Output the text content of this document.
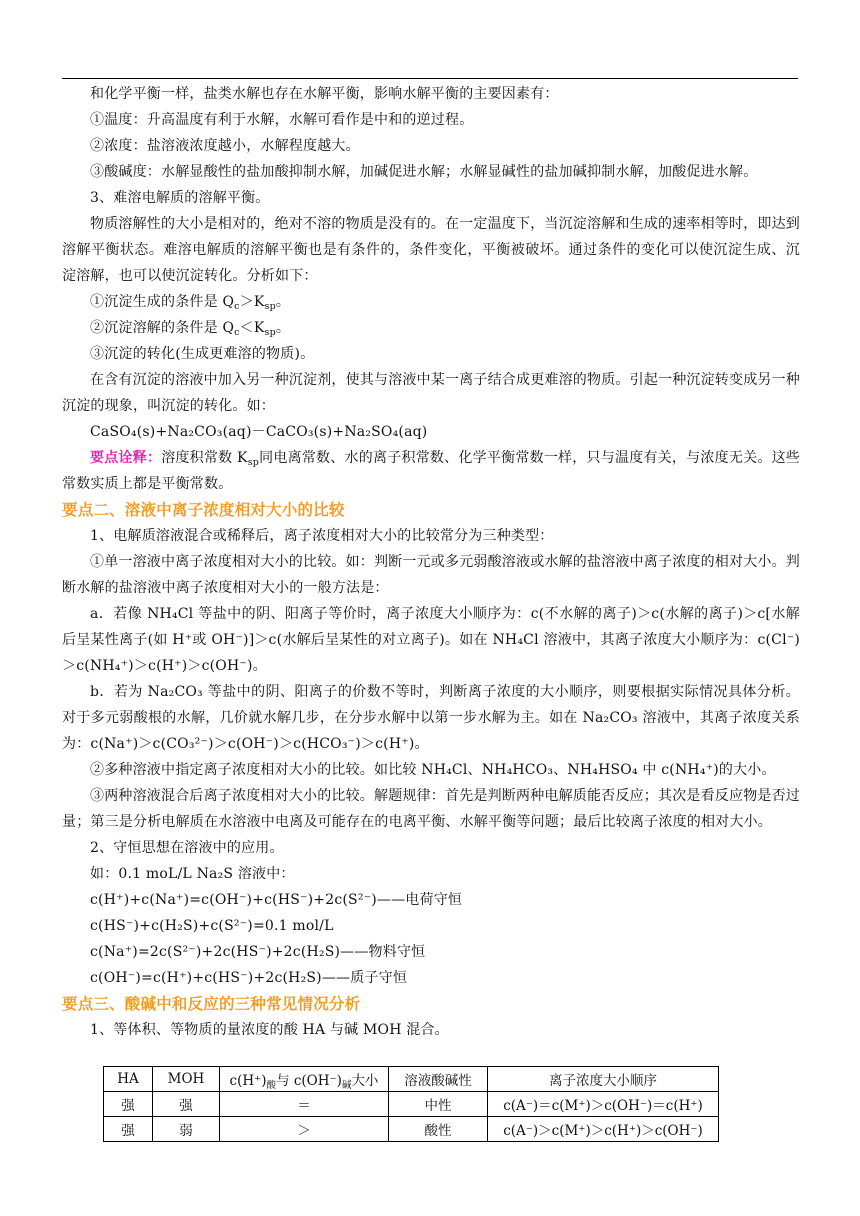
和化学平衡一样，盐类水解也存在水解平衡，影响水解平衡的主要因素有：

①温度：升高温度有利于水解，水解可看作是中和的逆过程。

②浓度：盐溶液浓度越小，水解程度越大。

③酸碱度：水解显酸性的盐加酸抑制水解，加碱促进水解；水解显碱性的盐加碱抑制水解，加酸促进水解。

3、难溶电解质的溶解平衡。

物质溶解性的大小是相对的，绝对不溶的物质是没有的。在一定温度下，当沉淀溶解和生成的速率相等时，即达到溶解平衡状态。难溶电解质的溶解平衡也是有条件的，条件变化，平衡被破坏。通过条件的变化可以使沉淀生成、沉淀溶解，也可以使沉淀转化。分析如下：

①沉淀生成的条件是 $Q_c>K_{sp}$。

②沉淀溶解的条件是 $Q_c<K_{sp}$。

③沉淀的转化(生成更难溶的物质)。

在含有沉淀的溶液中加入另一种沉淀剂，使其与溶液中某一离子结合成更难溶的物质。引起一种沉淀转变成另一种沉淀的现象，叫沉淀的转化。如：

CaSO₄(s)+Na₂CO₃(aq)－CaCO₃(s)+Na₂SO₄(aq)

要点诠释：溶度积常数 $K_{sp}$同电离常数、水的离子积常数、化学平衡常数一样，只与温度有关，与浓度无关。这些常数实质上都是平衡常数。

要点二、溶液中离子浓度相对大小的比较

1、电解质溶液混合或稀释后，离子浓度相对大小的比较常分为三种类型：

①单一溶液中离子浓度相对大小的比较。如：判断一元或多元弱酸溶液或水解的盐溶液中离子浓度的相对大小。判断水解的盐溶液中离子浓度相对大小的一般方法是：

a．若像 NH₄Cl 等盐中的阴、阳离子等价时，离子浓度大小顺序为：c(不水解的离子)＞c(水解的离子)＞c[水解后呈某性离子(如 H⁺或 OH⁻)]＞c(水解后呈某性的对立离子)。如在 NH₄Cl 溶液中，其离子浓度大小顺序为：c(Cl⁻)＞c(NH₄⁺)＞c(H⁺)＞c(OH⁻)。

b．若为 Na₂CO₃ 等盐中的阴、阳离子的价数不等时，判断离子浓度的大小顺序，则要根据实际情况具体分析。对于多元弱酸根的水解，几价就水解几步，在分步水解中以第一步水解为主。如在 Na₂CO₃ 溶液中，其离子浓度关系为：c(Na⁺)＞c(CO₃²⁻)＞c(OH⁻)＞c(HCO₃⁻)＞c(H⁺)。

②多种溶液中指定离子浓度相对大小的比较。如比较 NH₄Cl、NH₄HCO₃、NH₄HSO₄ 中 c(NH₄⁺)的大小。

③两种溶液混合后离子浓度相对大小的比较。解题规律：首先是判断两种电解质能否反应；其次是看反应物是否过量；第三是分析电解质在水溶液中电离及可能存在的电离平衡、水解平衡等问题；最后比较离子浓度的相对大小。

2、守恒思想在溶液中的应用。

如：0.1 moL/L Na₂S 溶液中：

c(H⁺)+c(Na⁺)=c(OH⁻)+c(HS⁻)+2c(S²⁻)——电荷守恒

c(HS⁻)+c(H₂S)+c(S²⁻)=0.1 mol/L

c(Na⁺)=2c(S²⁻)+2c(HS⁻)+2c(H₂S)——物料守恒

c(OH⁻)=c(H⁺)+c(HS⁻)+2c(H₂S)——质子守恒

要点三、酸碱中和反应的三种常见情况分析

1、等体积、等物质的量浓度的酸 HA 与碱 MOH 混合。

HA	MOH	$c(H^+)_酸$与 $c(OH^-)_碱$大小	溶液酸碱性	离子浓度大小顺序
强	强	＝	中性	c(A⁻)＝c(M⁺)＞c(OH⁻)＝c(H⁺)
强	弱	＞	酸性	c(A⁻)＞c(M⁺)＞c(H⁺)＞c(OH⁻)
